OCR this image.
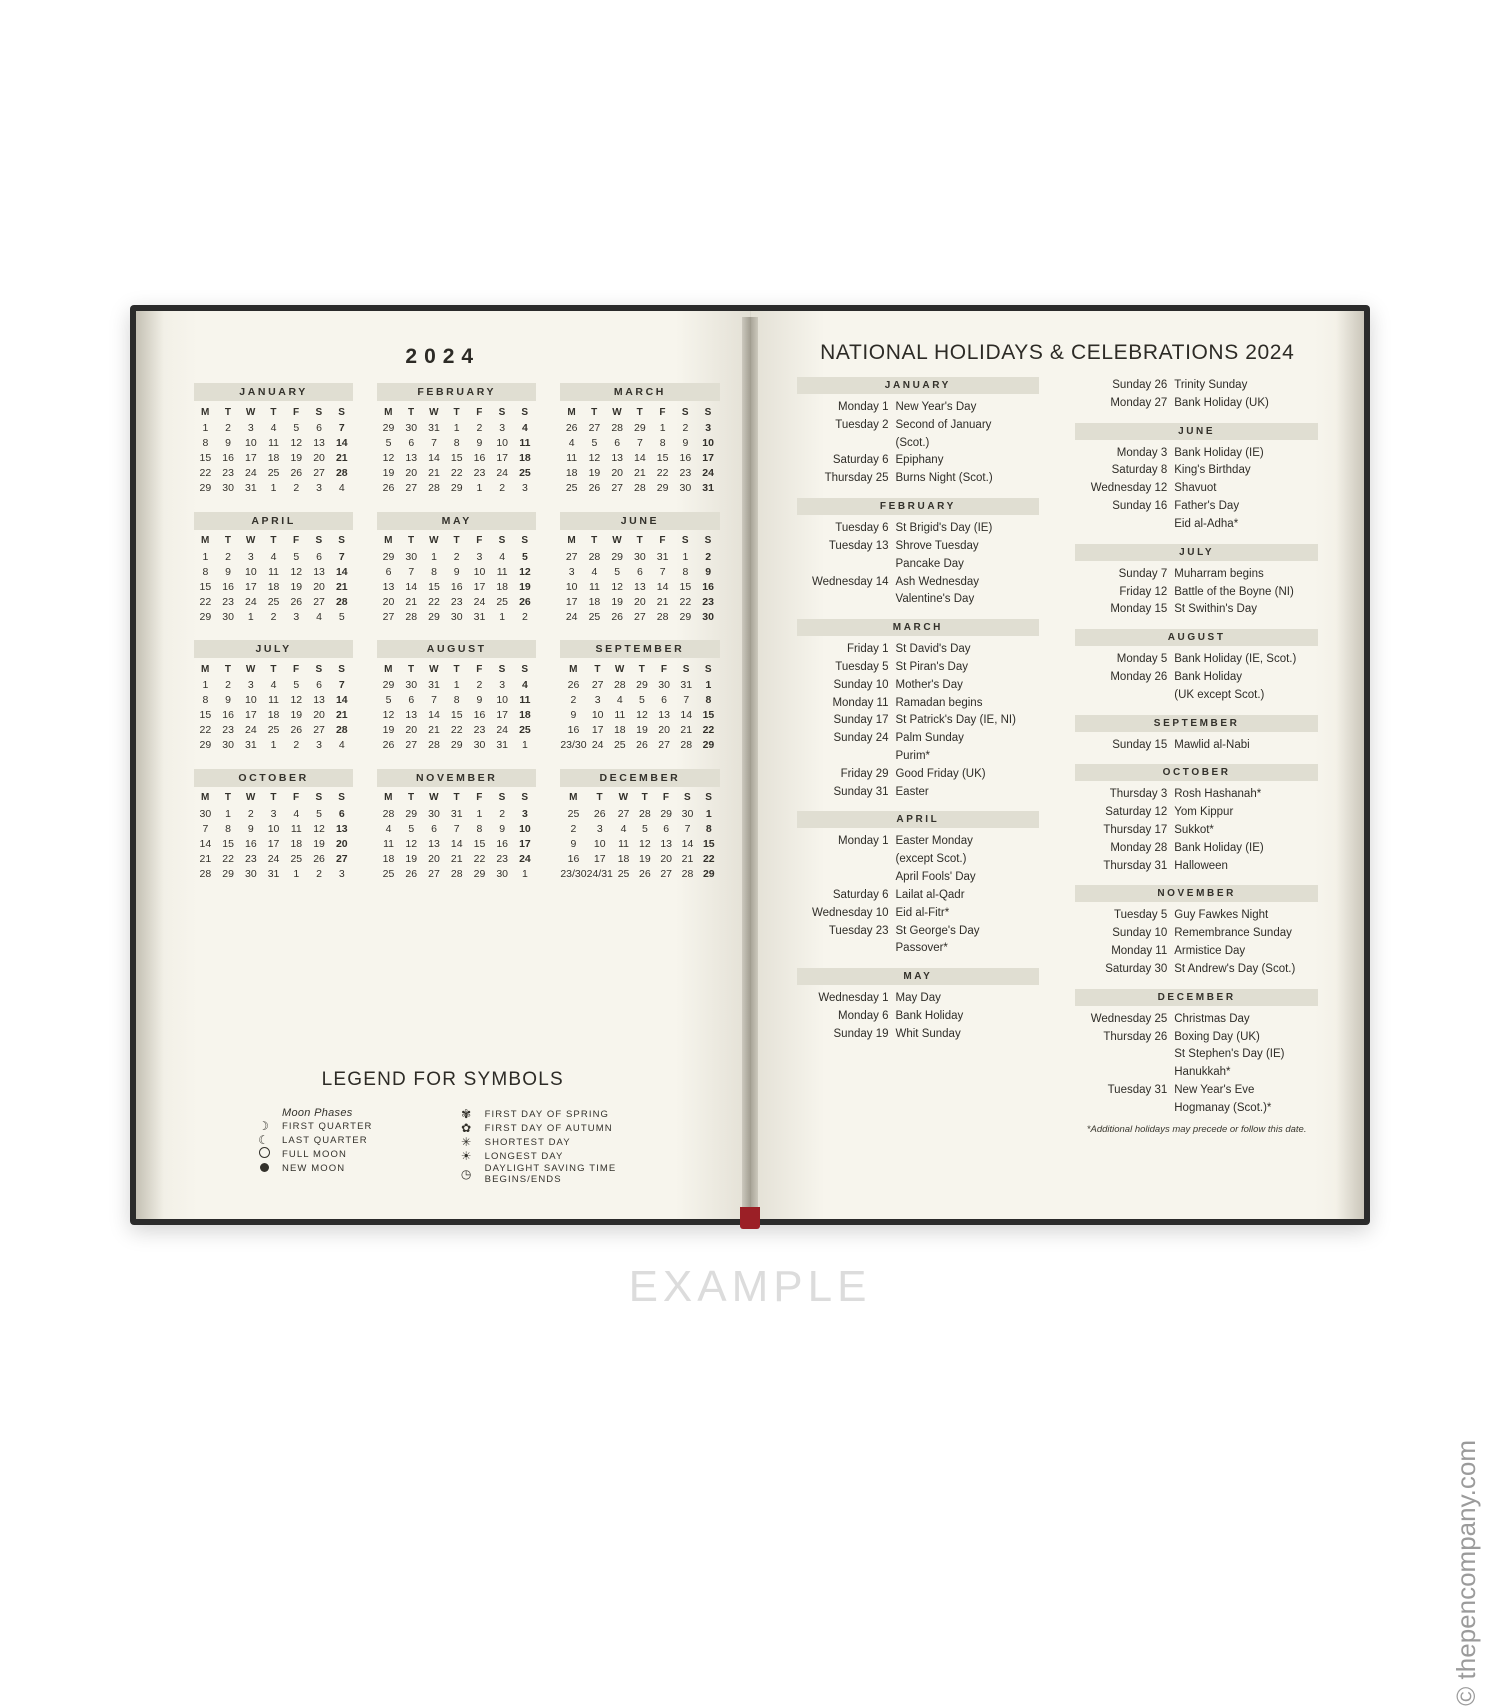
2024
JANUARY
M	T	W	T	F	S	S
1	2	3	4	5	6	7
8	9	10	11	12	13	14
15	16	17	18	19	20	21
22	23	24	25	26	27	28
29	30	31	1	2	3	4
FEBRUARY
M	T	W	T	F	S	S
29	30	31	1	2	3	4
5	6	7	8	9	10	11
12	13	14	15	16	17	18
19	20	21	22	23	24	25
26	27	28	29	1	2	3
MARCH
M	T	W	T	F	S	S
26	27	28	29	1	2	3
4	5	6	7	8	9	10
11	12	13	14	15	16	17
18	19	20	21	22	23	24
25	26	27	28	29	30	31
APRIL
M	T	W	T	F	S	S
1	2	3	4	5	6	7
8	9	10	11	12	13	14
15	16	17	18	19	20	21
22	23	24	25	26	27	28
29	30	1	2	3	4	5
MAY
M	T	W	T	F	S	S
29	30	1	2	3	4	5
6	7	8	9	10	11	12
13	14	15	16	17	18	19
20	21	22	23	24	25	26
27	28	29	30	31	1	2
JUNE
M	T	W	T	F	S	S
27	28	29	30	31	1	2
3	4	5	6	7	8	9
10	11	12	13	14	15	16
17	18	19	20	21	22	23
24	25	26	27	28	29	30
JULY
M	T	W	T	F	S	S
1	2	3	4	5	6	7
8	9	10	11	12	13	14
15	16	17	18	19	20	21
22	23	24	25	26	27	28
29	30	31	1	2	3	4
AUGUST
M	T	W	T	F	S	S
29	30	31	1	2	3	4
5	6	7	8	9	10	11
12	13	14	15	16	17	18
19	20	21	22	23	24	25
26	27	28	29	30	31	1
SEPTEMBER
M	T	W	T	F	S	S
26	27	28	29	30	31	1
2	3	4	5	6	7	8
9	10	11	12	13	14	15
16	17	18	19	20	21	22
23/30	24	25	26	27	28	29
OCTOBER
M	T	W	T	F	S	S
30	1	2	3	4	5	6
7	8	9	10	11	12	13
14	15	16	17	18	19	20
21	22	23	24	25	26	27
28	29	30	31	1	2	3
NOVEMBER
M	T	W	T	F	S	S
28	29	30	31	1	2	3
4	5	6	7	8	9	10
11	12	13	14	15	16	17
18	19	20	21	22	23	24
25	26	27	28	29	30	1
DECEMBER
M	T	W	T	F	S	S
25	26	27	28	29	30	1
2	3	4	5	6	7	8
9	10	11	12	13	14	15
16	17	18	19	20	21	22
23/30	24/31	25	26	27	28	29
LEGEND FOR SYMBOLS
Moon Phases
☽ FIRST QUARTER
☾ LAST QUARTER
FULL MOON
NEW MOON
✾ FIRST DAY OF SPRING
✿ FIRST DAY OF AUTUMN
✳ SHORTEST DAY
☀ LONGEST DAY
◷ DAYLIGHT SAVING TIME BEGINS/ENDS
NATIONAL HOLIDAYS & CELEBRATIONS 2024
JANUARY
Monday 1 New Year's Day
Tuesday 2 Second of January
(Scot.)
Saturday 6 Epiphany
Thursday 25 Burns Night (Scot.)
FEBRUARY
Tuesday 6 St Brigid's Day (IE)
Tuesday 13 Shrove Tuesday
Pancake Day
Wednesday 14 Ash Wednesday
Valentine's Day
MARCH
Friday 1 St David's Day
Tuesday 5 St Piran's Day
Sunday 10 Mother's Day
Monday 11 Ramadan begins
Sunday 17 St Patrick's Day (IE, NI)
Sunday 24 Palm Sunday
Purim*
Friday 29 Good Friday (UK)
Sunday 31 Easter
APRIL
Monday 1 Easter Monday
(except Scot.)
April Fools' Day
Saturday 6 Lailat al-Qadr
Wednesday 10 Eid al-Fitr*
Tuesday 23 St George's Day
Passover*
MAY
Wednesday 1 May Day
Monday 6 Bank Holiday
Sunday 19 Whit Sunday
Sunday 26 Trinity Sunday
Monday 27 Bank Holiday (UK)
JUNE
Monday 3 Bank Holiday (IE)
Saturday 8 King's Birthday
Wednesday 12 Shavuot
Sunday 16 Father's Day
Eid al-Adha*
JULY
Sunday 7 Muharram begins
Friday 12 Battle of the Boyne (NI)
Monday 15 St Swithin's Day
AUGUST
Monday 5 Bank Holiday (IE, Scot.)
Monday 26 Bank Holiday
(UK except Scot.)
SEPTEMBER
Sunday 15 Mawlid al-Nabi
OCTOBER
Thursday 3 Rosh Hashanah*
Saturday 12 Yom Kippur
Thursday 17 Sukkot*
Monday 28 Bank Holiday (IE)
Thursday 31 Halloween
NOVEMBER
Tuesday 5 Guy Fawkes Night
Sunday 10 Remembrance Sunday
Monday 11 Armistice Day
Saturday 30 St Andrew's Day (Scot.)
DECEMBER
Wednesday 25 Christmas Day
Thursday 26 Boxing Day (UK)
St Stephen's Day (IE)
Hanukkah*
Tuesday 31 New Year's Eve
Hogmanay (Scot.)*
*Additional holidays may precede or follow this date.
EXAMPLE
© thepencompany.com
